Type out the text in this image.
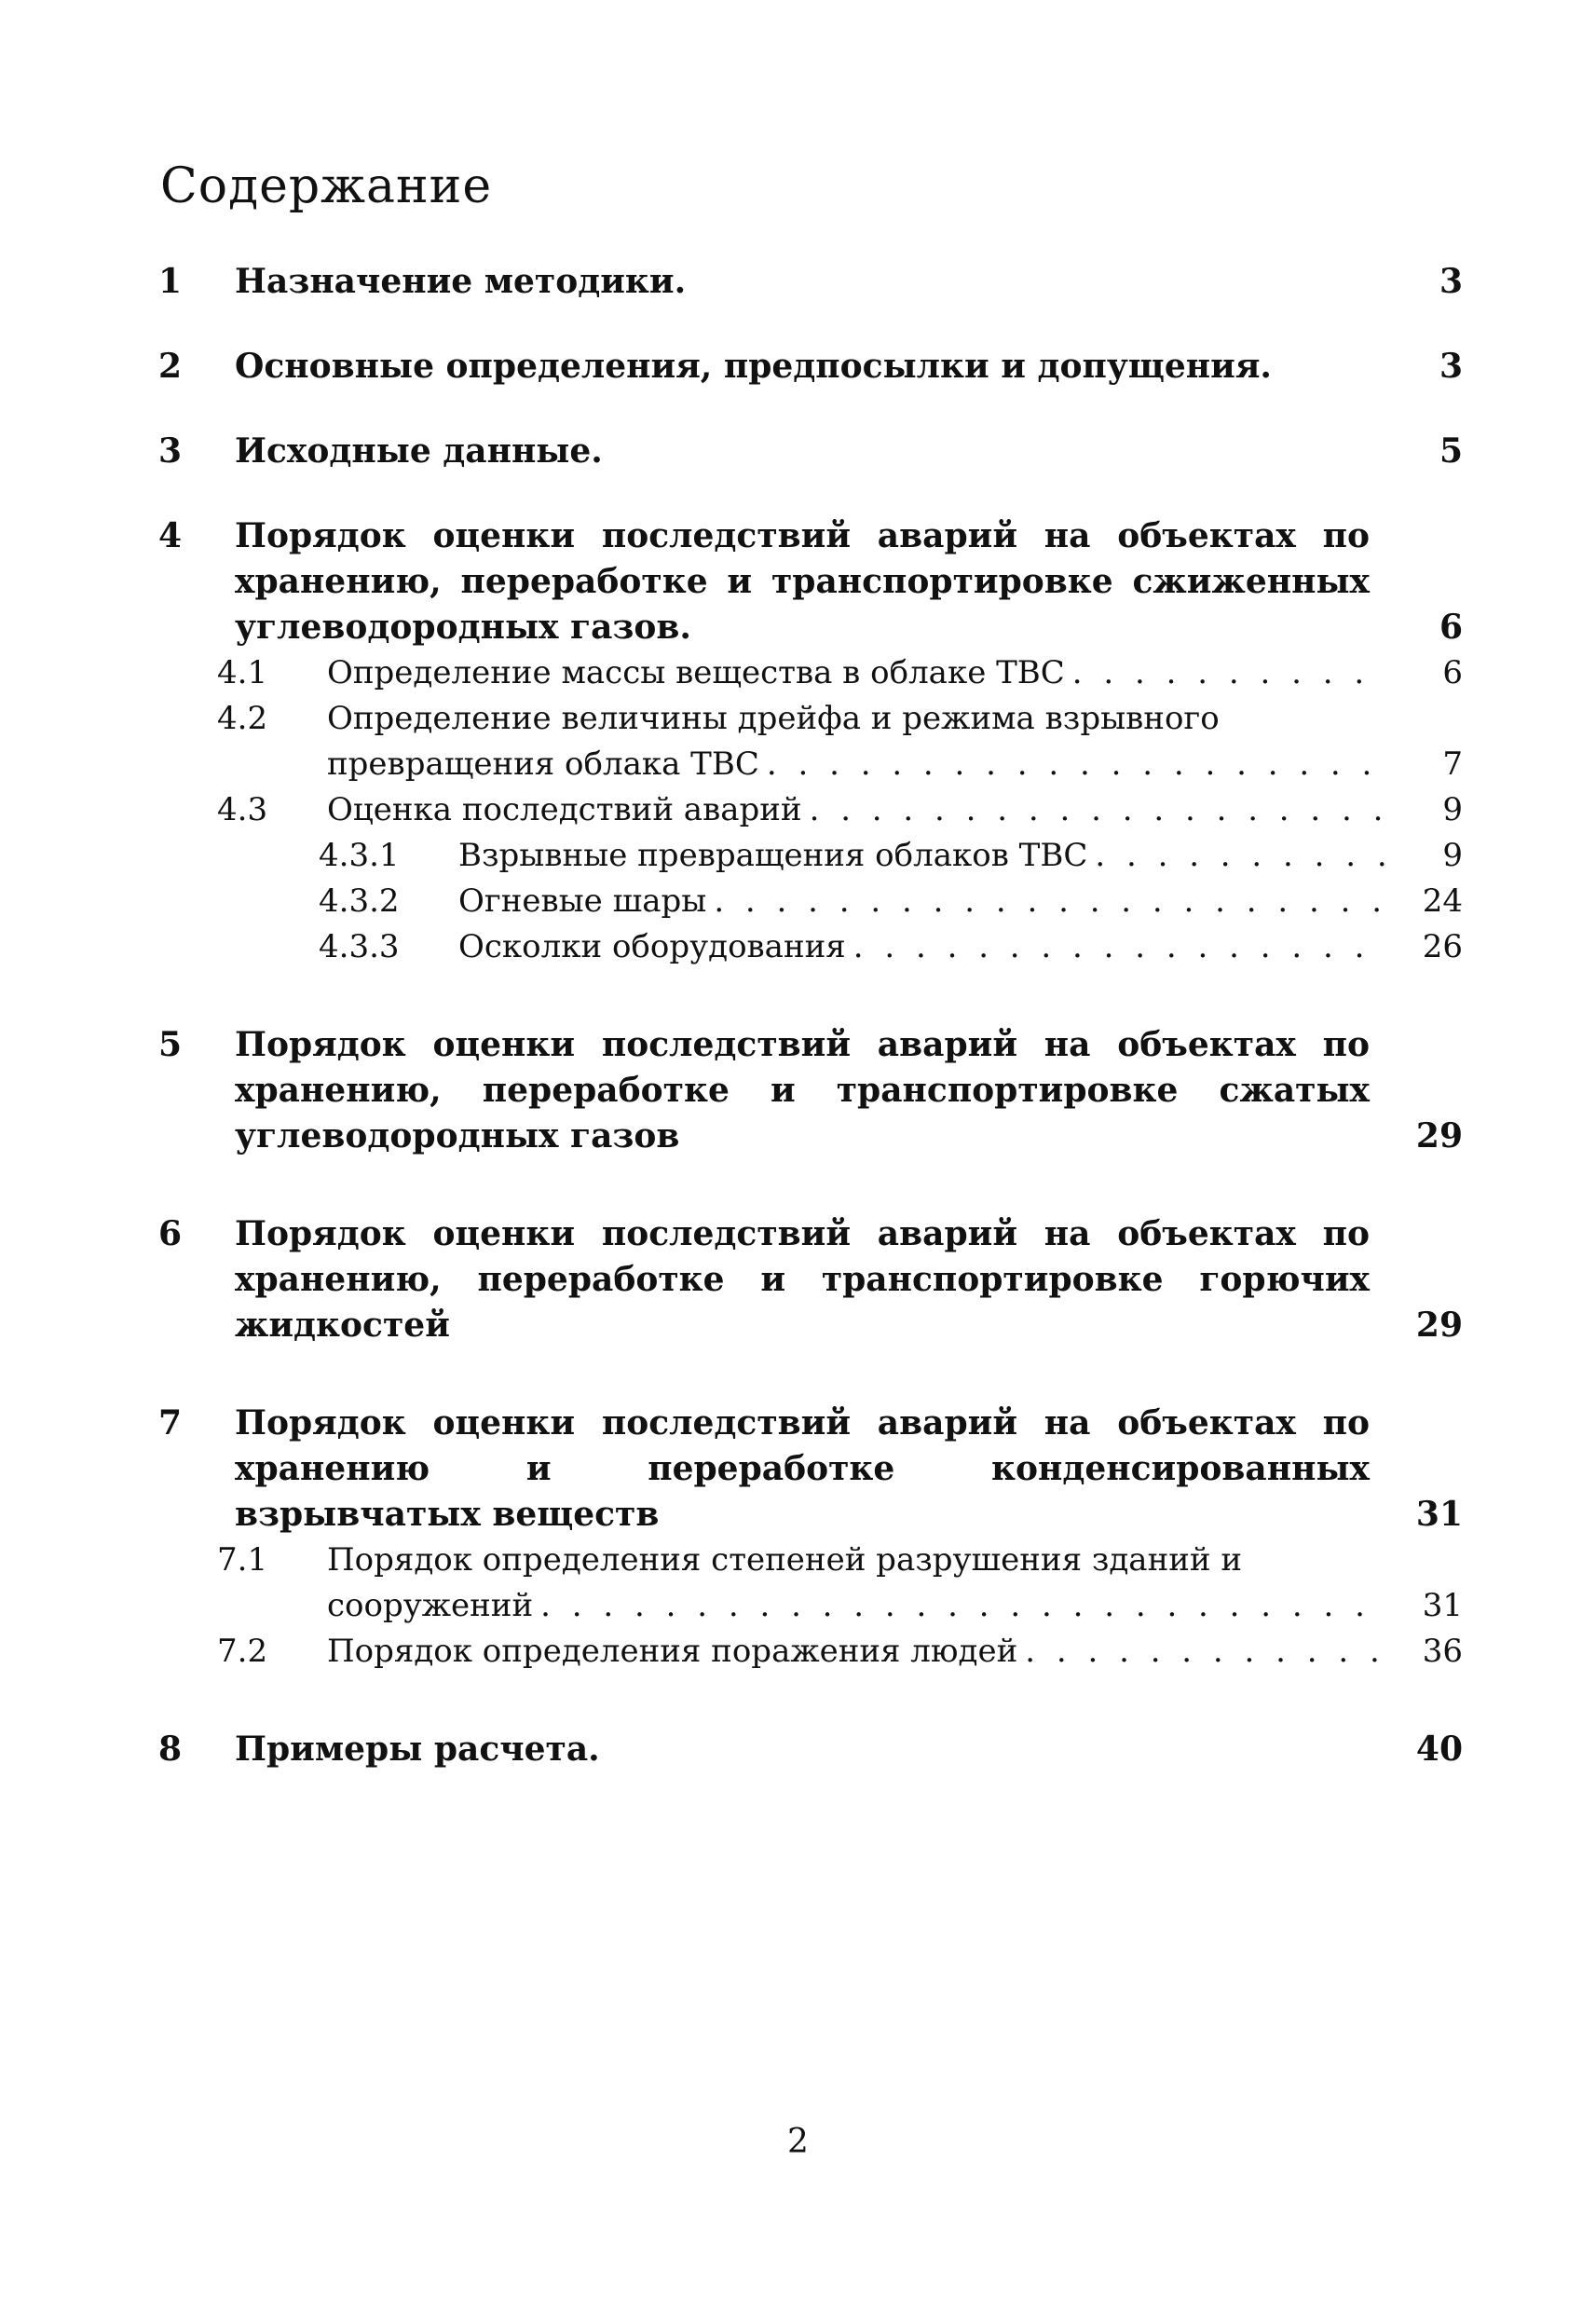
Содержание
1	Назначение методики.	3
2	Основные определения, предпосылки и допущения.	3
3	Исходные данные.	5
4	Порядок оценки последствий аварий на объектах по хранению, переработке и транспортировке сжиженных углеводородных газов.	6
4.1	Определение массы вещества в облаке ТВС . . .	6
4.2	Определение величины дрейфа и режима взрывного превращения облака ТВС . . .	7
4.3	Оценка последствий аварий . . .	9
4.3.1	Взрывные превращения облаков ТВС . . .	9
4.3.2	Огневые шары . . .	24
4.3.3	Осколки оборудования . . .	26
5	Порядок оценки последствий аварий на объектах по хранению, переработке и транспортировке сжатых углеводородных газов	29
6	Порядок оценки последствий аварий на объектах по хранению, переработке и транспортировке горючих жидкостей	29
7	Порядок оценки последствий аварий на объектах по хранению и переработке конденсированных взрывчатых веществ	31
7.1	Порядок определения степеней разрушения зданий и сооружений . . .	31
7.2	Порядок определения поражения людей . . .	36
8	Примеры расчета.	40
2
